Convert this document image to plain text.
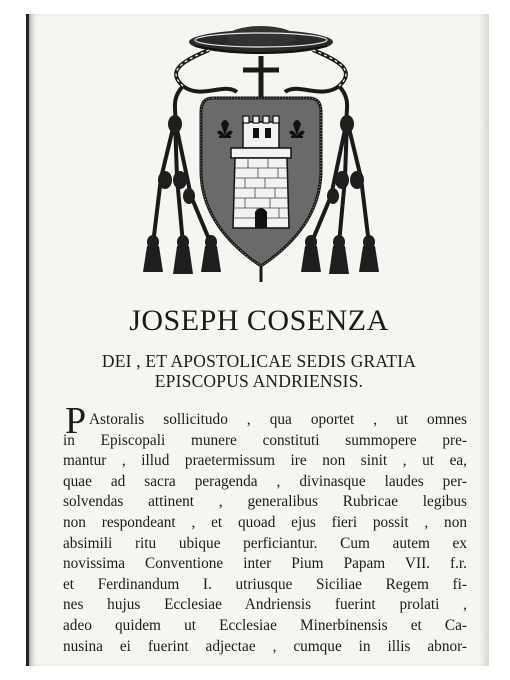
JOSEPH COSENZA
DEI , ET APOSTOLICAE SEDIS GRATIA
EPISCOPUS ANDRIENSIS.
P Astoralis sollicitudo , qua oportet , ut omnes
in Episcopali munere constituti summopere pre-
mantur , illud praetermissum ire non sinit , ut ea,
quae ad sacra peragenda , divinasque laudes per-
solvendas attinent , generalibus Rubricae legibus
non respondeant , et quoad ejus fieri possit , non
absimili ritu ubique perficiantur. Cum autem ex
novissima Conventione inter Pium Papam VII. f.r.
et Ferdinandum I. utriusque Siciliae Regem fi-
nes hujus Ecclesiae Andriensis fuerint prolati ,
adeo quidem ut Ecclesiae Minerbinensis et Ca-
nusina ei fuerint adjectae , cumque in illis abnor-
